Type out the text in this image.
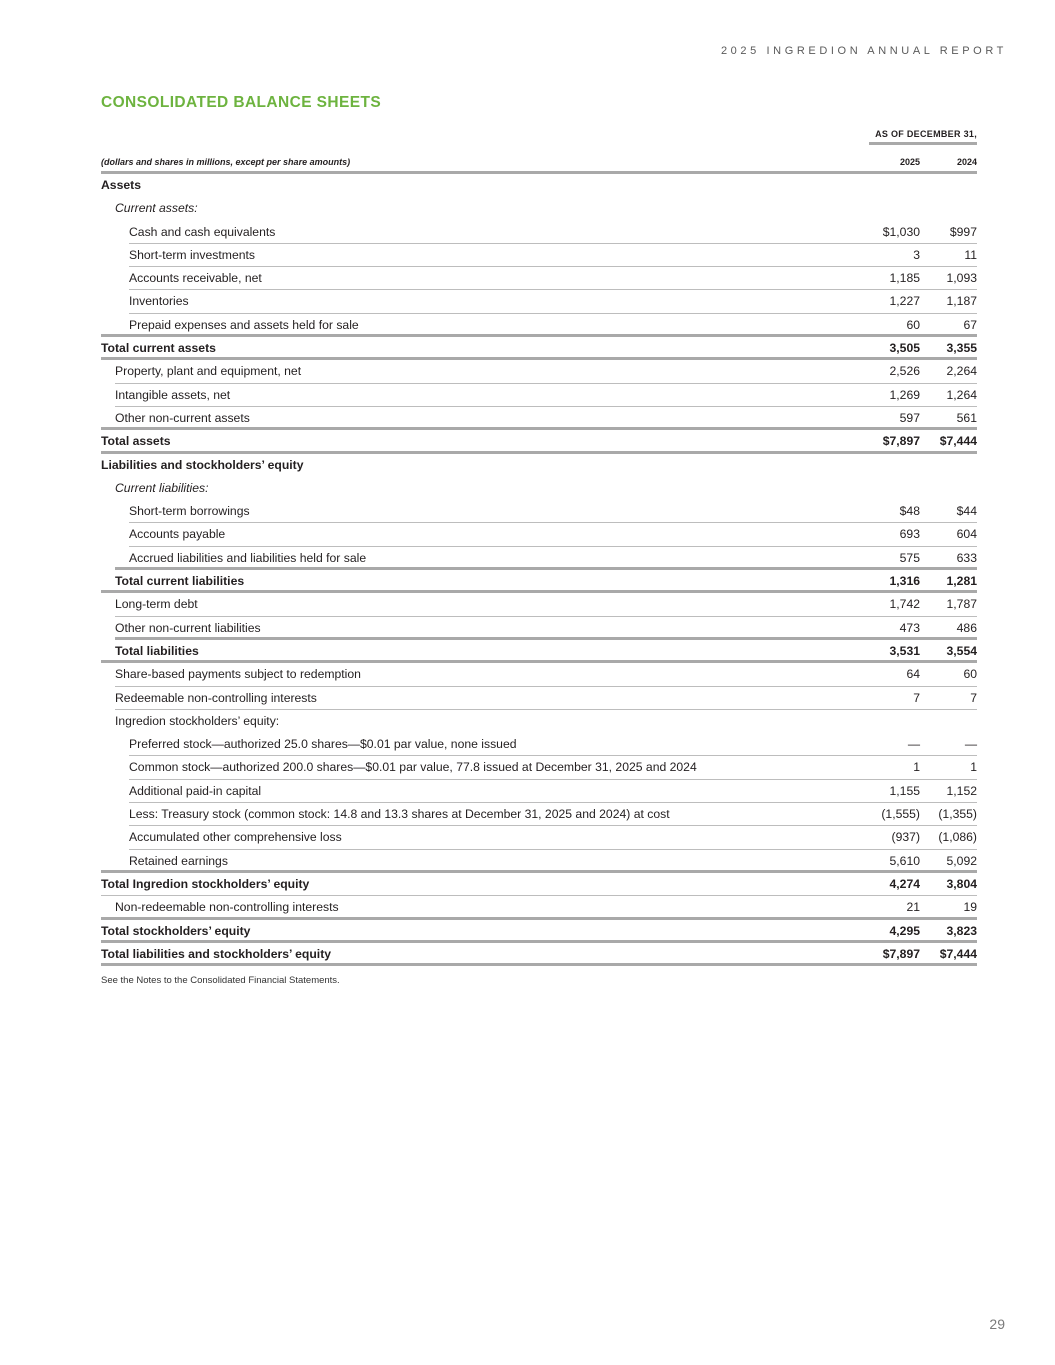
2025 INGREDION ANNUAL REPORT
CONSOLIDATED BALANCE SHEETS
AS OF DECEMBER 31,
(dollars and shares in millions, except per share amounts)	2025	2024
Assets
Current assets:
Cash and cash equivalents	$1,030 $997
Short-term investments	3	11
Accounts receivable, net	1,185 1,093
Inventories	1,227 1,187
Prepaid expenses and assets held for sale	60	67
Total current assets	3,505 3,355
Property, plant and equipment, net	2,526 2,264
Intangible assets, net	1,269 1,264
Other non-current assets	597	561
Total assets	$7,897 $7,444
Liabilities and stockholders’ equity
Current liabilities:
Short-term borrowings	$48	$44
Accounts payable	693	604
Accrued liabilities and liabilities held for sale	575	633
Total current liabilities	1,316 1,281
Long-term debt	1,742 1,787
Other non-current liabilities	473	486
Total liabilities	3,531 3,554
Share-based payments subject to redemption	64	60
Redeemable non-controlling interests	7	7
Ingredion stockholders’ equity:
Preferred stock—authorized 25.0 shares—$0.01 par value, none issued	—	—
Common stock—authorized 200.0 shares—$0.01 par value, 77.8 issued at December 31, 2025 and 2024	1	1
Additional paid-in capital	1,155 1,152
Less: Treasury stock (common stock: 14.8 and 13.3 shares at December 31, 2025 and 2024) at cost	(1,555) (1,355)
Accumulated other comprehensive loss	(937) (1,086)
Retained earnings	5,610 5,092
Total Ingredion stockholders’ equity	4,274 3,804
Non-redeemable non-controlling interests	21	19
Total stockholders’ equity	4,295 3,823
Total liabilities and stockholders’ equity	$7,897 $7,444
See the Notes to the Consolidated Financial Statements.
29
